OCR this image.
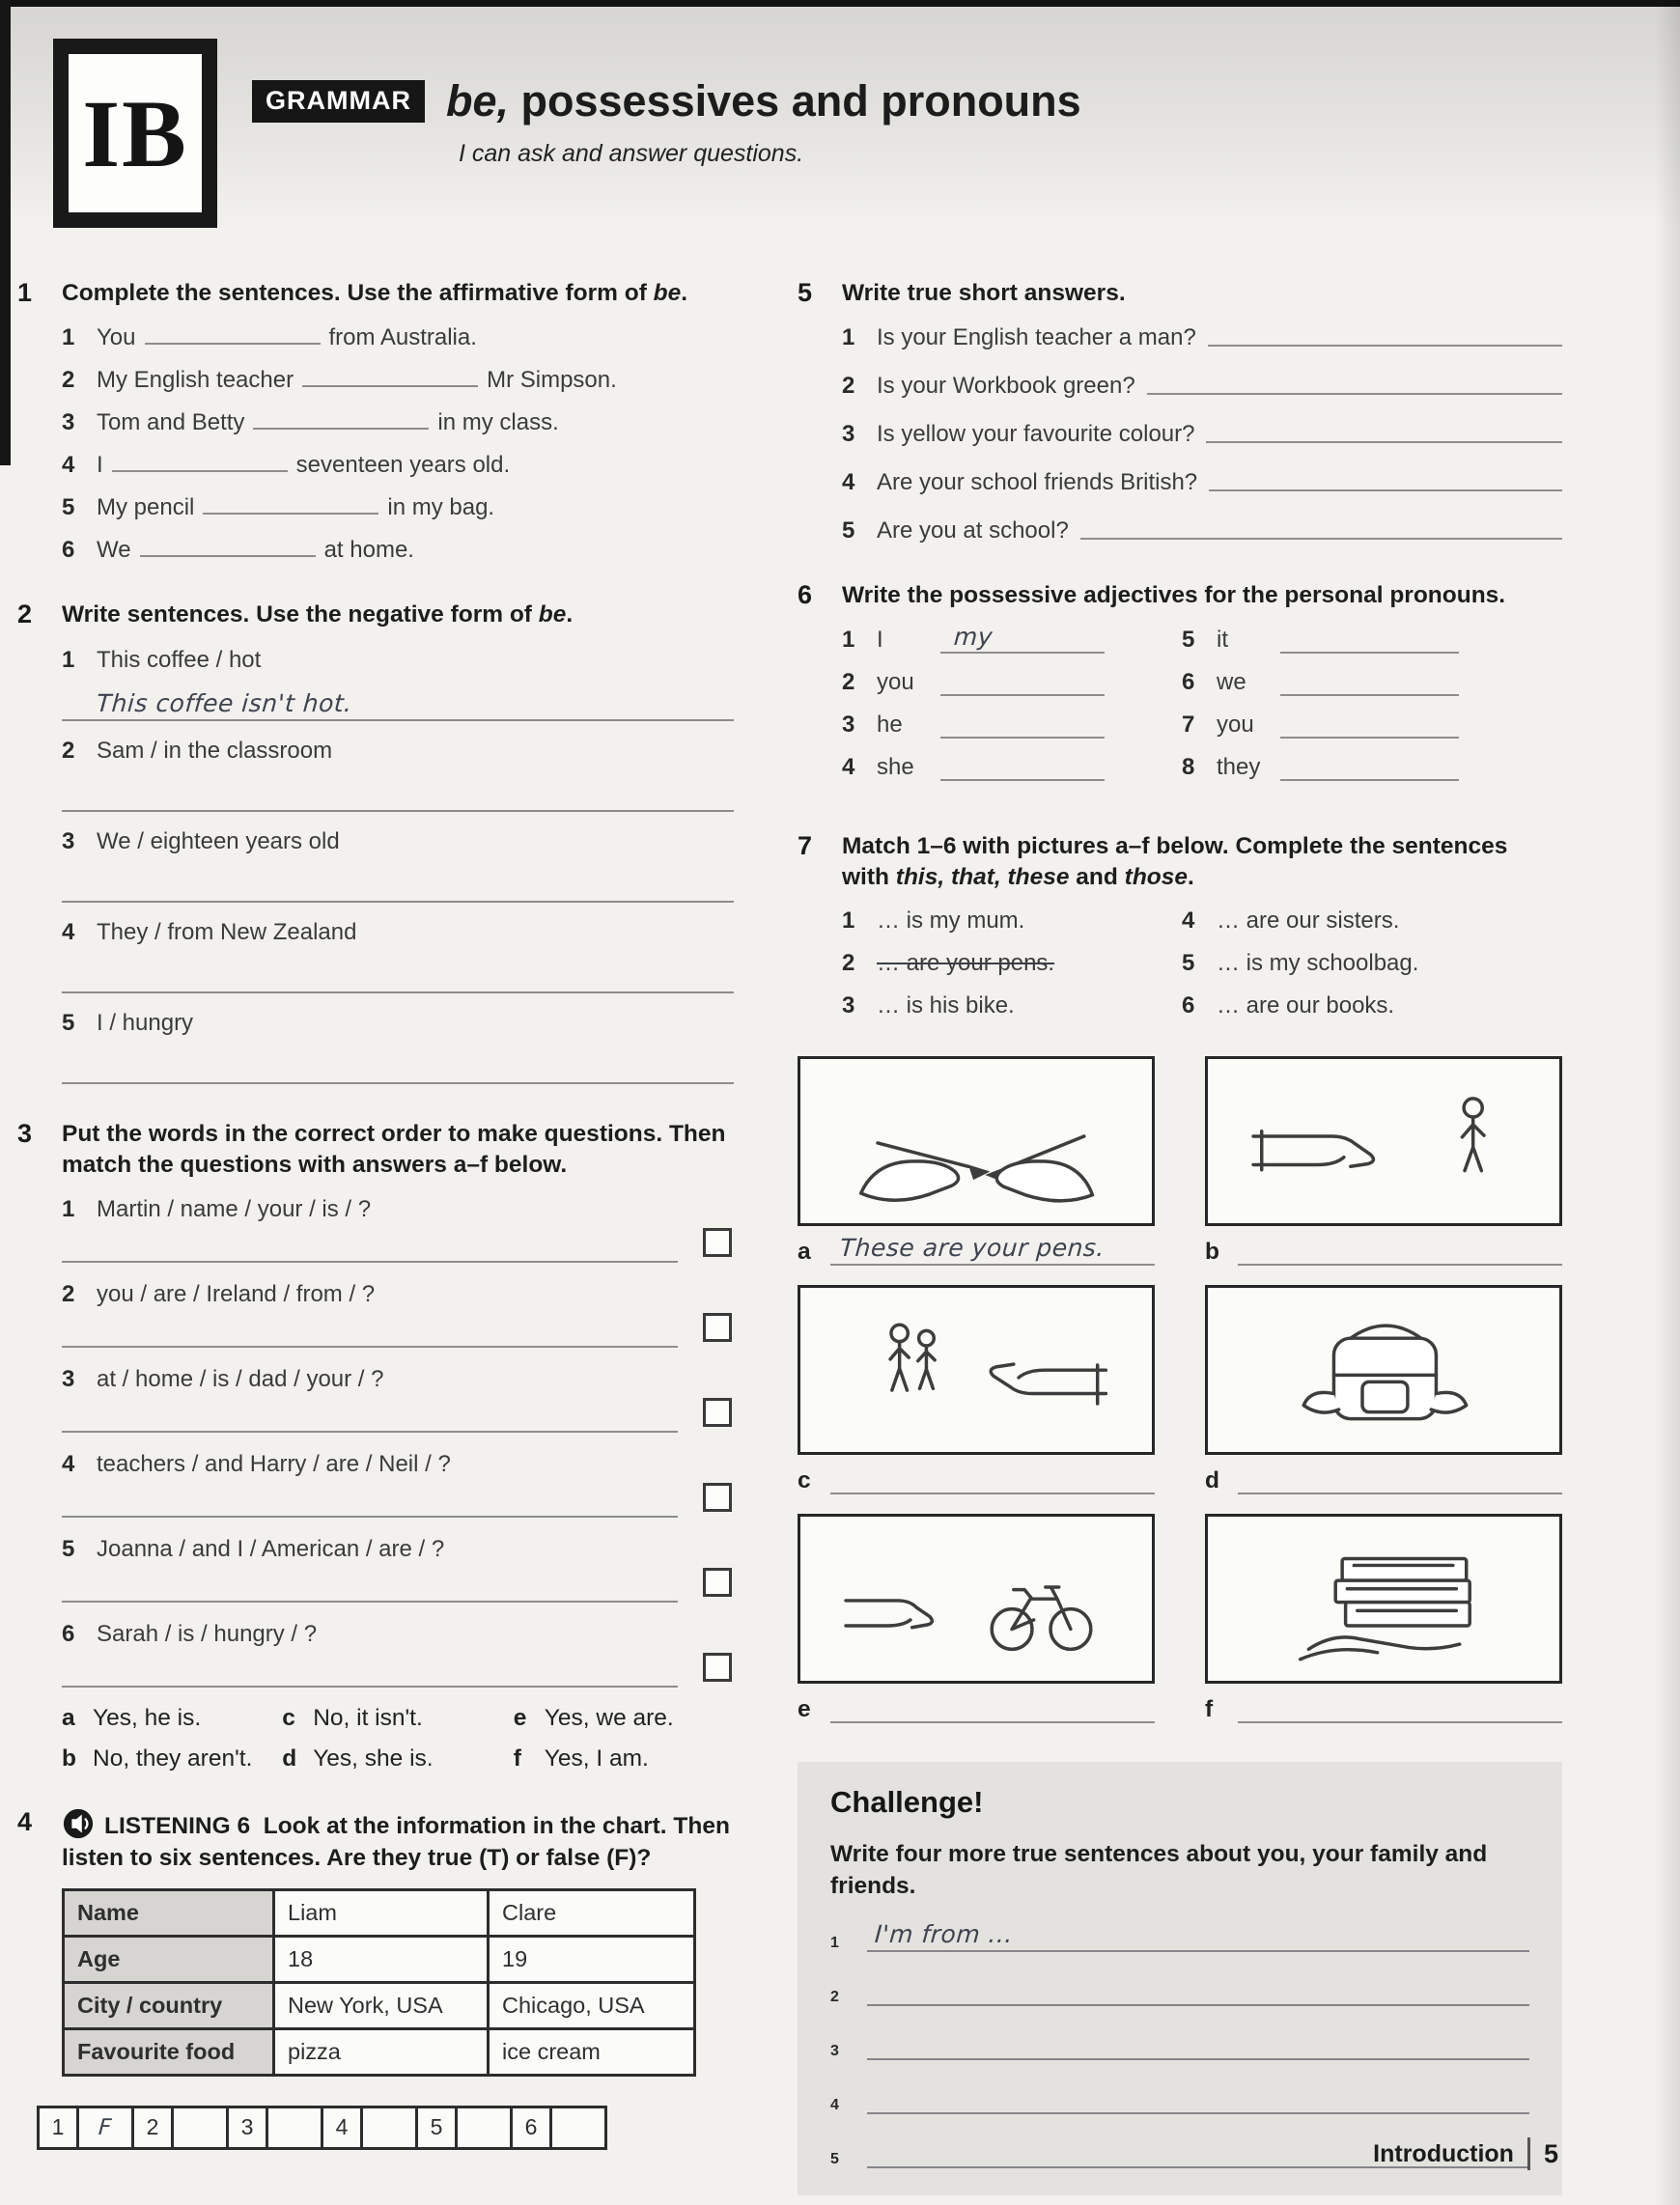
IB	GRAMMAR be, possessives and pronouns

I can ask and answer questions.

1	Complete the sentences. Use the affirmative form of be.

1 You	from Australia.

2 My English teacher	Mr Simpson.

3 Tom and Betty	in my class.

4 I	seventeen years old.

5 My pencil	in my bag.

6 We	at home.

2	Write sentences. Use the negative form of be.

1 This coffee / hot

This coffee isn't hot.
2 Sam / in the classroom

3 We / eighteen years old

4 They / from New Zealand

5 I / hungry

3	Put the words in the correct order to make questions. Then match the questions with answers a–f below.

1 Martin / name / your / is / ?

2 you / are / Ireland / from / ?

3 at / home / is / dad / your / ?

4 teachers / and Harry / are / Neil / ?

5 Joanna / and I / American / are / ?

6 Sarah / is / hungry / ?

a Yes, he is.	c No, it isn't.	e Yes, we are.
b No, they aren't.	d Yes, she is.	f Yes, I am.
4	LISTENING 6 Look at the information in the chart. Then listen to six sentences. Are they true (T) or false (F)?

Name	Liam	Clare
Age	18	19
City / country	New York, USA	Chicago, USA
Favourite food	pizza	ice cream
1	F	2	3	4	5	6
5	Write true short answers.

1 Is your English teacher a man?
2 Is your Workbook green?
3 Is yellow your favourite colour?
4 Are your school friends British?
5 Are you at school?
6	Write the possessive adjectives for the personal pronouns.

1 I	my
2 you
3 he
4 she
5 it
6 we
7 you
8 they
7	Match 1–6 with pictures a–f below. Complete the sentences with this, that, these and those.

1 … is my mum.
2 … are your pens.
3 … is his bike.
4 … are our sisters.
5 … is my schoolbag.
6 … are our books.
a	These are your pens.	b
c	d
e	f
Challenge!

Write four more true sentences about you, your family and friends.

1	I'm from ...
2
3
4
5	Introduction 5
